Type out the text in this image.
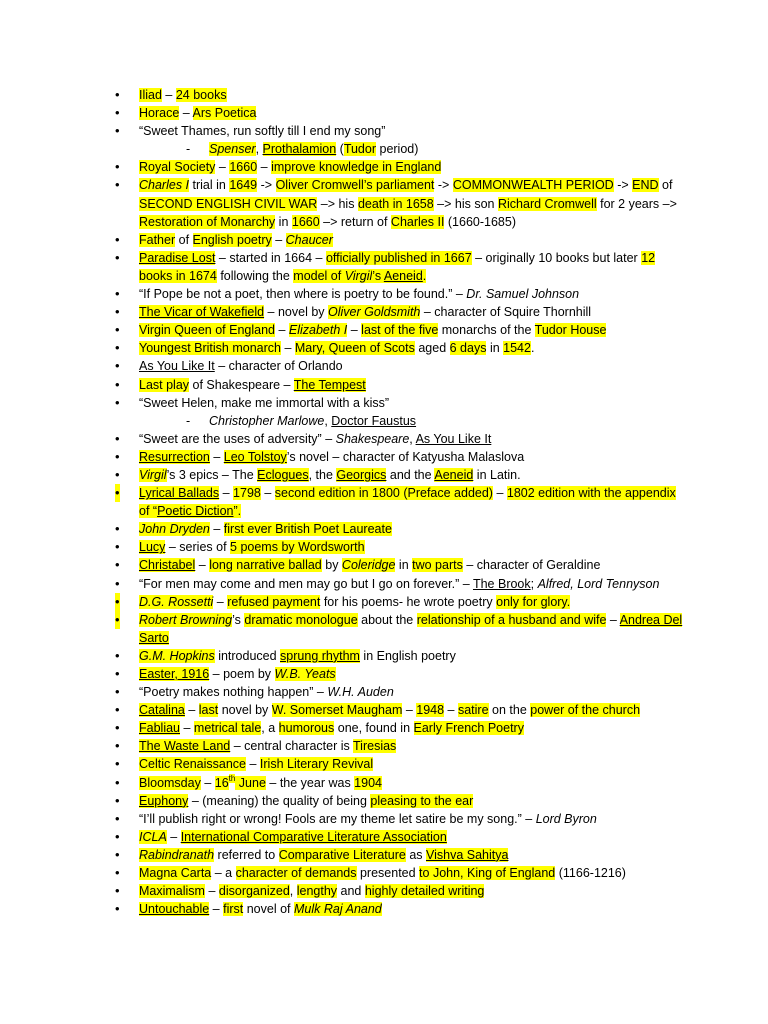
• Iliad – 24 books
• Horace – Ars Poetica
• “Sweet Thames, run softly till I end my song”
- Spenser, Prothalamion (Tudor period)
• Royal Society – 1660 – improve knowledge in England
• Charles I trial in 1649 -> Oliver Cromwell’s parliament -> COMMONWEALTH PERIOD -> END of SECOND ENGLISH CIVIL WAR –> his death in 1658 –> his son Richard Cromwell for 2 years –> Restoration of Monarchy in 1660 –> return of Charles II (1660-1685)
• Father of English poetry – Chaucer
• Paradise Lost – started in 1664 – officially published in 1667 – originally 10 books but later 12 books in 1674 following the model of Virgil’s Aeneid.
• “If Pope be not a poet, then where is poetry to be found.” – Dr. Samuel Johnson
• The Vicar of Wakefield – novel by Oliver Goldsmith – character of Squire Thornhill
• Virgin Queen of England – Elizabeth I – last of the five monarchs of the Tudor House
• Youngest British monarch – Mary, Queen of Scots aged 6 days in 1542.
• As You Like It – character of Orlando
• Last play of Shakespeare – The Tempest
• “Sweet Helen, make me immortal with a kiss”
- Christopher Marlowe, Doctor Faustus
• “Sweet are the uses of adversity” – Shakespeare, As You Like It
• Resurrection – Leo Tolstoy’s novel – character of Katyusha Malaslova
• Virgil’s 3 epics – The Eclogues, the Georgics and the Aeneid in Latin.
• Lyrical Ballads – 1798 – second edition in 1800 (Preface added) – 1802 edition with the appendix of “Poetic Diction”.
• John Dryden – first ever British Poet Laureate
• Lucy – series of 5 poems by Wordsworth
• Christabel – long narrative ballad by Coleridge in two parts – character of Geraldine
• “For men may come and men may go but I go on forever.” – The Brook; Alfred, Lord Tennyson
• D.G. Rossetti – refused payment for his poems- he wrote poetry only for glory.
• Robert Browning’s dramatic monologue about the relationship of a husband and wife – Andrea Del Sarto
• G.M. Hopkins introduced sprung rhythm in English poetry
• Easter, 1916 – poem by W.B. Yeats
• “Poetry makes nothing happen” – W.H. Auden
• Catalina – last novel by W. Somerset Maugham – 1948 – satire on the power of the church
• Fabliau – metrical tale, a humorous one, found in Early French Poetry
• The Waste Land – central character is Tiresias
• Celtic Renaissance – Irish Literary Revival
• Bloomsday – 16th June – the year was 1904
• Euphony – (meaning) the quality of being pleasing to the ear
• “I’ll publish right or wrong! Fools are my theme let satire be my song.” – Lord Byron
• ICLA – International Comparative Literature Association
• Rabindranath referred to Comparative Literature as Vishva Sahitya
• Magna Carta – a character of demands presented to John, King of England (1166-1216)
• Maximalism – disorganized, lengthy and highly detailed writing
• Untouchable – first novel of Mulk Raj Anand
